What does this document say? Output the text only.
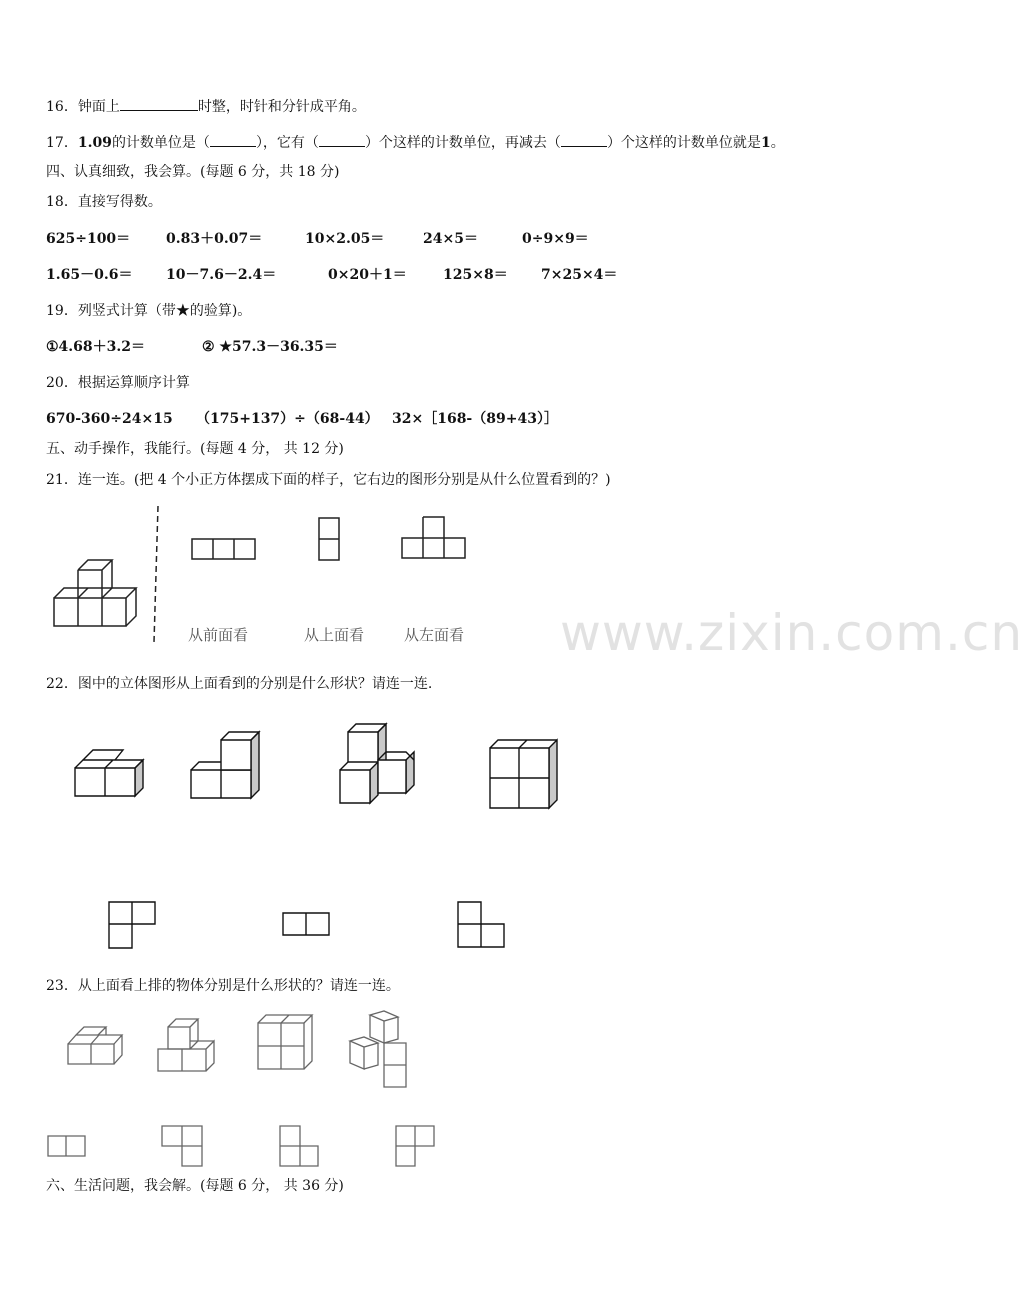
16．钟面上	时整，时针和分针成平角。
17．1.09的计数单位是（	），它有（	）个这样的计数单位，再减去（	）个这样的计数单位就是1。
四、认真细致，我会算。(每题 6 分，共 18 分)
18．直接写得数。
625÷100＝	0.83＋0.07＝	10×2.05＝	24×5＝	0÷9×9＝
1.65－0.6＝ 10－7.6－2.4＝	0×20＋1＝	125×8＝ 7×25×4＝
19．列竖式计算（带★的验算)。
①4.68＋3.2＝	② ★57.3－36.35＝
20．根据运算顺序计算
670-360÷24×15 （175+137）÷（68-44） 32×［168-（89+43）］
五、动手操作，我能行。(每题 4 分， 共 12 分)
21．连一连。(把 4 个小正方体摆成下面的样子，它右边的图形分别是从什么位置看到的？)
www.zixin.com.cn
从前面看	从上面看	从左面看
22．图中的立体图形从上面看到的分别是什么形状？请连一连.
23．从上面看上排的物体分别是什么形状的？请连一连。
六、生活问题，我会解。(每题 6 分， 共 36 分)
